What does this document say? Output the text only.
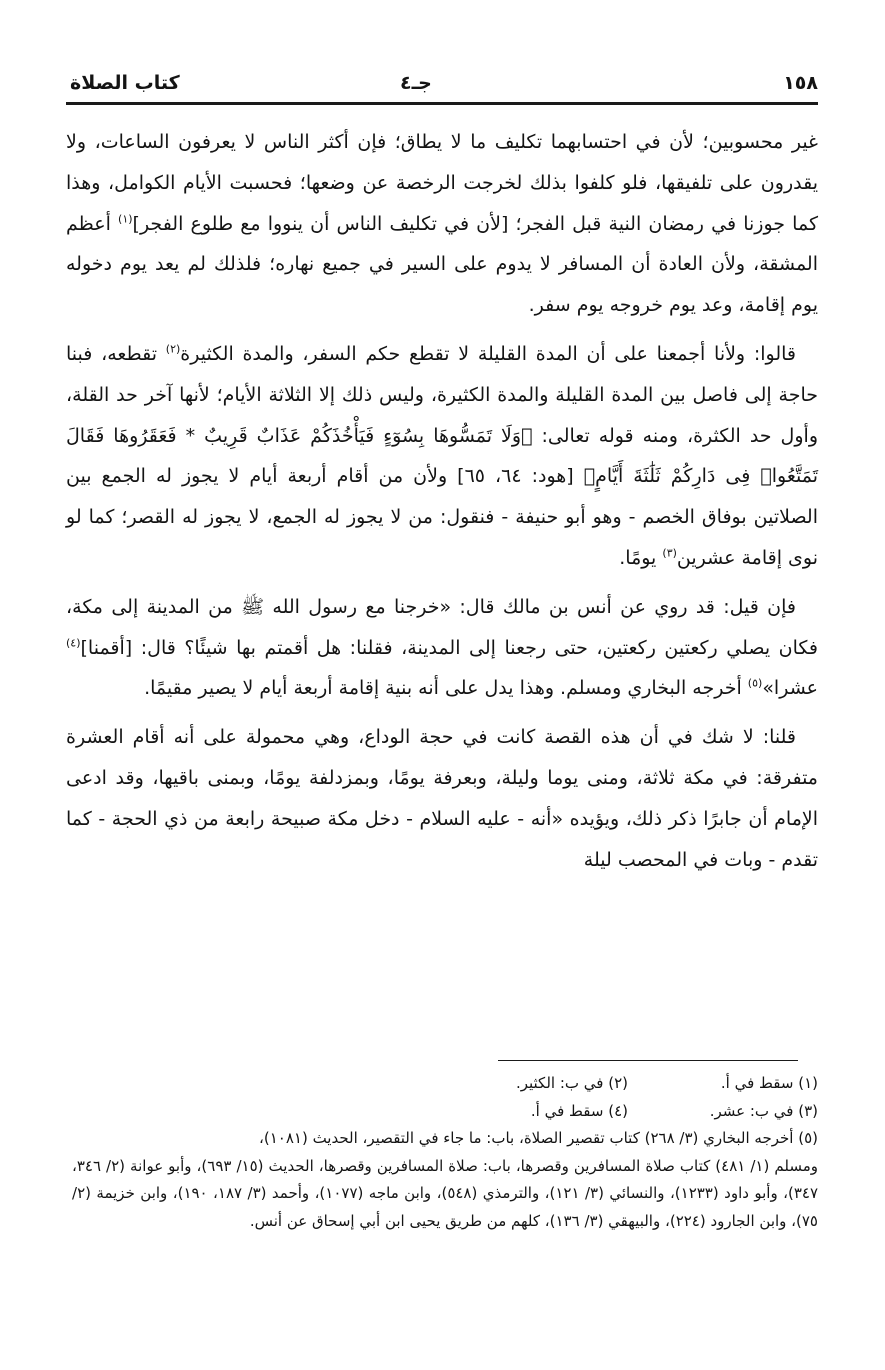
١٥٨
جـ٤
كتاب الصلاة

غير محسوبين؛ لأن في احتسابهما تكليف ما لا يطاق؛ فإن أكثر الناس لا يعرفون الساعات، ولا يقدرون على تلفيقها، فلو كلفوا بذلك لخرجت الرخصة عن وضعها؛ فحسبت الأيام الكوامل، وهذا كما جوزنا في رمضان النية قبل الفجر؛ [لأن في تكليف الناس أن ينووا مع طلوع الفجر]$^{(١)}$ أعظم المشقة، ولأن العادة أن المسافر لا يدوم على السير في جميع نهاره؛ فلذلك لم يعد يوم دخوله يوم إقامة، وعد يوم خروجه يوم سفر.

قالوا: ولأنا أجمعنا على أن المدة القليلة لا تقطع حكم السفر، والمدة الكثيرة$^{(٢)}$ تقطعه، فبنا حاجة إلى فاصل بين المدة القليلة والمدة الكثيرة، وليس ذلك إلا الثلاثة الأيام؛ لأنها آخر حد القلة، وأول حد الكثرة، ومنه قوله تعالى: ﴿وَلَا تَمَسُّوهَا بِسُوٓءٍ فَيَأْخُذَكُمْ عَذَابٌ قَرِيبٌ * فَعَقَرُوهَا فَقَالَ تَمَتَّعُوا۟ فِى دَارِكُمْ ثَلَٰثَةَ أَيَّامٍ﴾ [هود: ٦٤، ٦٥] ولأن من أقام أربعة أيام لا يجوز له الجمع بين الصلاتين بوفاق الخصم - وهو أبو حنيفة - فنقول: من لا يجوز له الجمع، لا يجوز له القصر؛ كما لو نوى إقامة عشرين$^{(٣)}$ يومًا.

فإن قيل: قد روي عن أنس بن مالك قال: «خرجنا مع رسول الله ﷺ من المدينة إلى مكة، فكان يصلي ركعتين ركعتين، حتى رجعنا إلى المدينة، فقلنا: هل أقمتم بها شيئًا؟ قال: [أقمنا]$^{(٤)}$ عشرا»$^{(٥)}$ أخرجه البخاري ومسلم. وهذا يدل على أنه بنية إقامة أربعة أيام لا يصير مقيمًا.

قلنا: لا شك في أن هذه القصة كانت في حجة الوداع، وهي محمولة على أنه أقام العشرة متفرقة: في مكة ثلاثة، ومنى يوما وليلة، وبعرفة يومًا، وبمزدلفة يومًا، وبمنى باقيها، وقد ادعى الإمام أن جابرًا ذكر ذلك، ويؤيده «أنه - عليه السلام - دخل مكة صبيحة رابعة من ذي الحجة - كما تقدم - وبات في المحصب ليلة

(١) سقط في أ.
(٢) في ب: الكثير.
(٣) في ب: عشر.
(٤) سقط في أ.
(٥) أخرجه البخاري (٣/ ٢٦٨) كتاب تقصير الصلاة، باب: ما جاء في التقصير، الحديث (١٠٨١)،
ومسلم (١/ ٤٨١) كتاب صلاة المسافرين وقصرها، باب: صلاة المسافرين وقصرها، الحديث (١٥/ ٦٩٣)، وأبو عوانة (٢/ ٣٤٦، ٣٤٧)، وأبو داود (١٢٣٣)، والنسائي (٣/ ١٢١)، والترمذي (٥٤٨)، وابن ماجه (١٠٧٧)، وأحمد (٣/ ١٨٧، ١٩٠)، وابن خزيمة (٢/ ٧٥)، وابن الجارود (٢٢٤)، والبيهقي (٣/ ١٣٦)، كلهم من طريق يحيى ابن أبي إسحاق عن أنس.
